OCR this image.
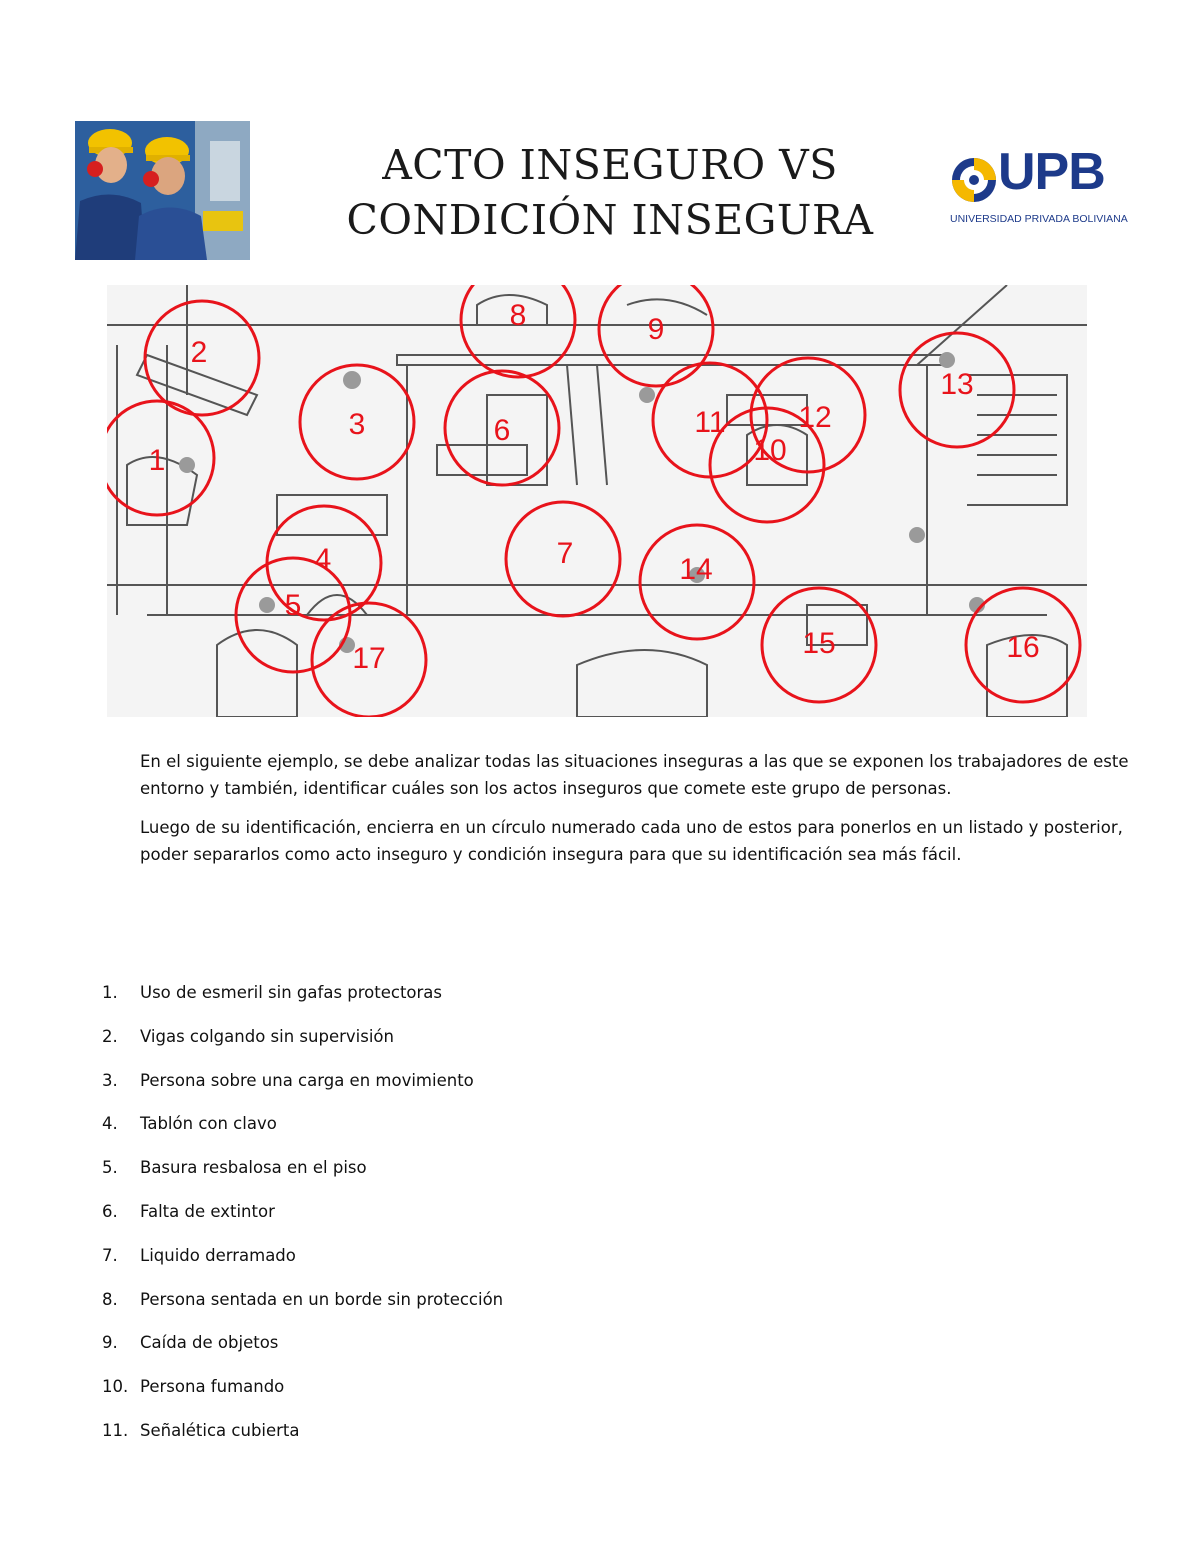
ACTO INSEGURO VS
CONDICIÓN INSEGURA
UPB
UNIVERSIDAD PRIVADA BOLIVIANA
1
2
3
4
5
6
7
8	9
10
11 12
13
14
15	16
17

En el siguiente ejemplo, se debe analizar todas las situaciones inseguras a las que se exponen los trabajadores de este entorno y también, identificar cuáles son los actos inseguros que comete este grupo de personas.

Luego de su identificación, encierra en un círculo numerado cada uno de estos para ponerlos en un listado y posterior, poder separarlos como acto inseguro y condición insegura para que su identificación sea más fácil.

1. Uso de esmeril sin gafas protectoras
2. Vigas colgando sin supervisión
3. Persona sobre una carga en movimiento
4. Tablón con clavo
5. Basura resbalosa en el piso
6. Falta de extintor
7. Liquido derramado
8. Persona sentada en un borde sin protección
9. Caída de objetos
10. Persona fumando
11. Señalética cubierta
